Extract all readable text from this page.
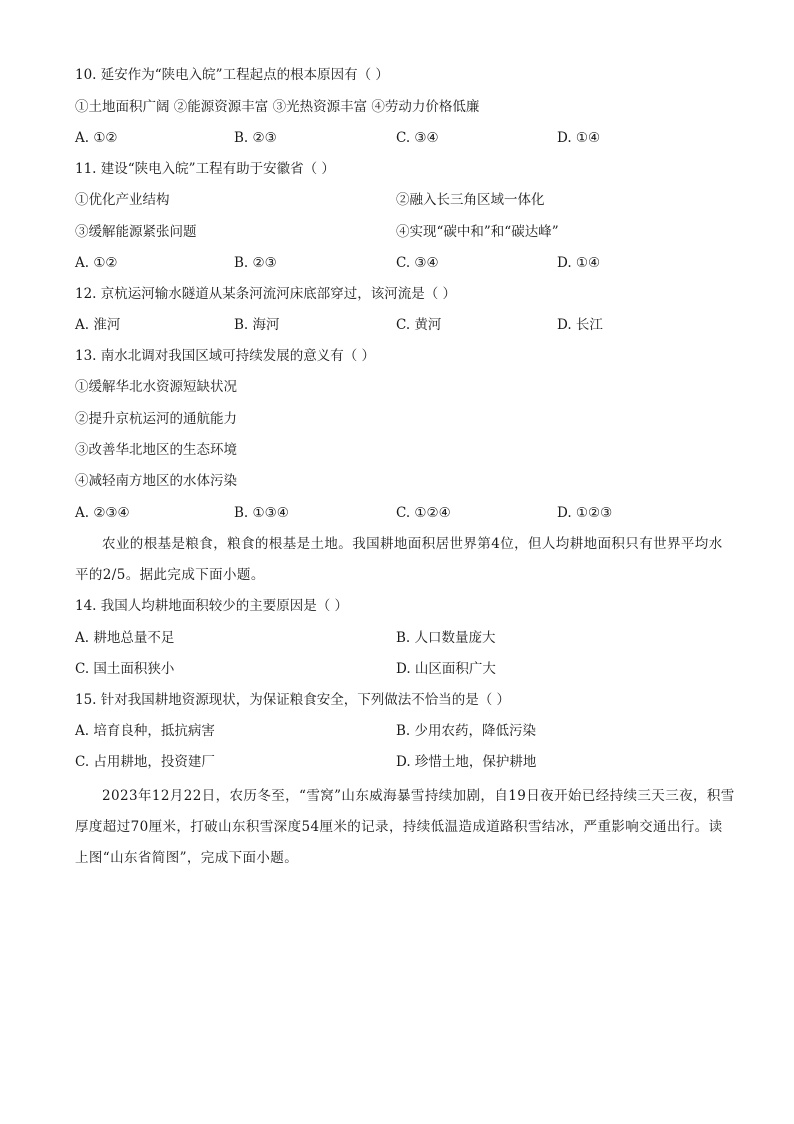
10. 延安作为“陕电入皖”工程起点的根本原因有（ ）
①土地面积广阔 ②能源资源丰富 ③光热资源丰富 ④劳动力价格低廉
A. ①②	B. ②③	C. ③④	D. ①④
11. 建设“陕电入皖”工程有助于安徽省（ ）
①优化产业结构	②融入长三角区域一体化
③缓解能源紧张问题	④实现“碳中和”和“碳达峰”
A. ①②	B. ②③	C. ③④	D. ①④
12. 京杭运河输水隧道从某条河流河床底部穿过，该河流是（ ）
A. 淮河	B. 海河	C. 黄河	D. 长江
13. 南水北调对我国区域可持续发展的意义有（ ）
①缓解华北水资源短缺状况
②提升京杭运河的通航能力
③改善华北地区的生态环境
④减轻南方地区的水体污染
A. ②③④	B. ①③④	C. ①②④	D. ①②③
农业的根基是粮食，粮食的根基是土地。我国耕地面积居世界第4位，但人均耕地面积只有世界平均水平的2/5。据此完成下面小题。
14. 我国人均耕地面积较少的主要原因是（ ）
A. 耕地总量不足	B. 人口数量庞大
C. 国土面积狭小	D. 山区面积广大
15. 针对我国耕地资源现状，为保证粮食安全，下列做法不恰当的是（ ）
A. 培育良种，抵抗病害	B. 少用农药，降低污染
C. 占用耕地，投资建厂	D. 珍惜土地，保护耕地
2023年12月22日，农历冬至，“雪窝”山东威海暴雪持续加剧，自19日夜开始已经持续三天三夜，积雪厚度超过70厘米，打破山东积雪深度54厘米的记录，持续低温造成道路积雪结冰，严重影响交通出行。读上图“山东省简图”，完成下面小题。
